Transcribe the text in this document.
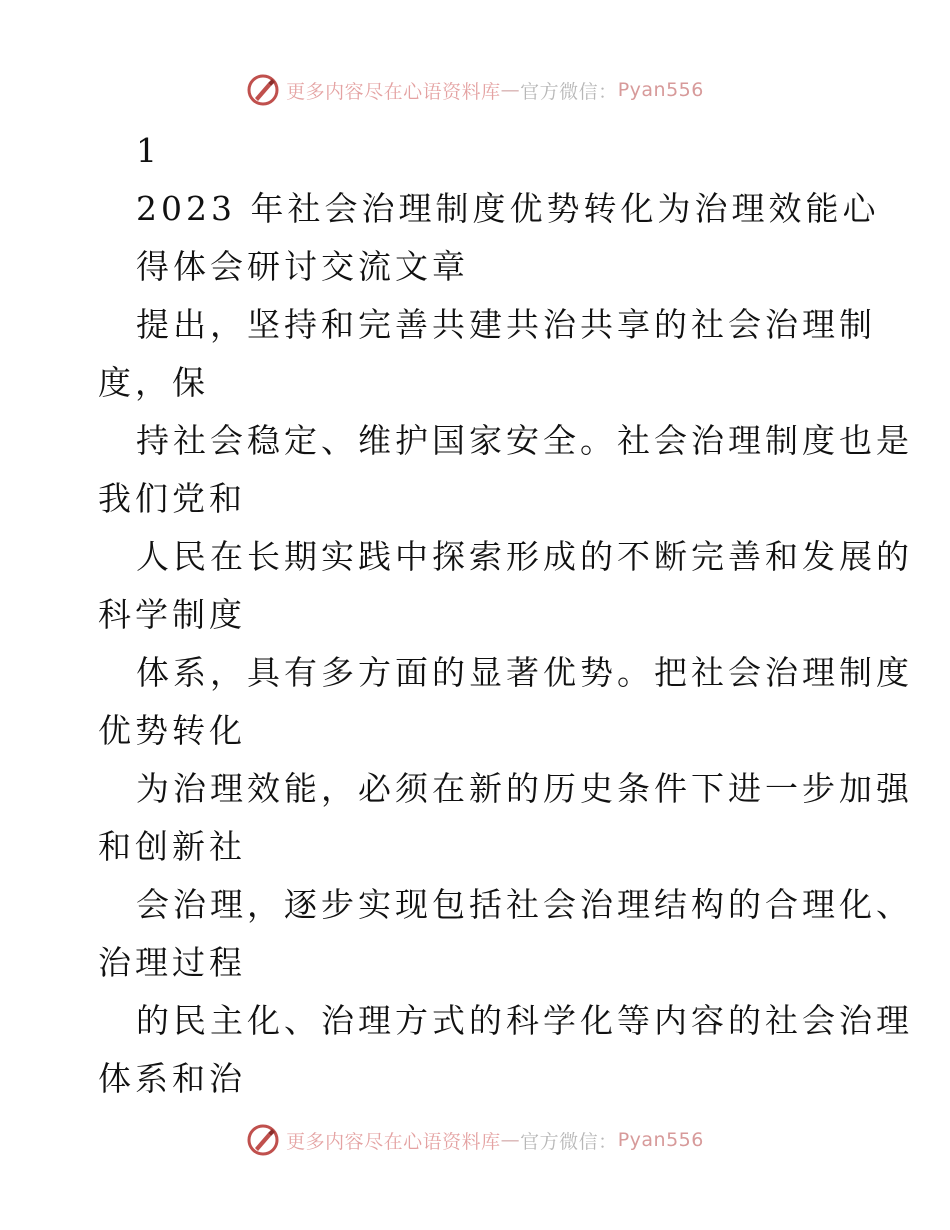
更多内容尽在心语资料库 — 官方微信： Pyan556
1
2023 年社会治理制度优势转化为治理效能心
得体会研讨交流文章
提出，坚持和完善共建共治共享的社会治理制
度，保
持社会稳定、维护国家安全。社会治理制度也是
我们党和
人民在长期实践中探索形成的不断完善和发展的
科学制度
体系，具有多方面的显著优势。把社会治理制度
优势转化
为治理效能，必须在新的历史条件下进一步加强
和创新社
会治理，逐步实现包括社会治理结构的合理化、
治理过程
的民主化、治理方式的科学化等内容的社会治理
体系和治
更多内容尽在心语资料库 — 官方微信： Pyan556
